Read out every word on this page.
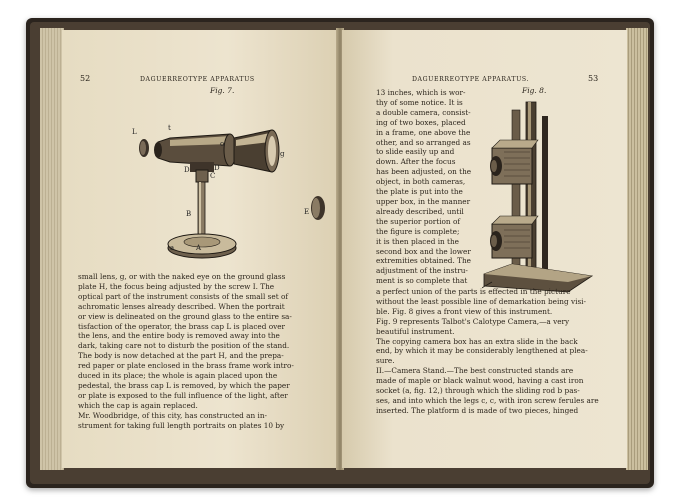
52	DAGUERREOTYPE APPARATUS
Fig. 7.
L	t
o
g
D
C
D
B	E
A
a

small lens, g, or with the naked eye on the ground glass

plate H, the focus being adjusted by the screw I. The

optical part of the instrument consists of the small set of

achromatic lenses already described. When the portrait

or view is delineated on the ground glass to the entire sa-

tisfaction of the operator, the brass cap L is placed over

the lens, and the entire body is removed away into the

dark, taking care not to disturb the position of the stand.

The body is now detached at the part H, and the prepa-

red paper or plate enclosed in the brass frame work intro-

duced in its place; the whole is again placed upon the

pedestal, the brass cap L is removed, by which the paper

or plate is exposed to the full influence of the light, after

which the cap is again replaced.

Mr. Woodbridge, of this city, has constructed an in-

strument for taking full length portraits on plates 10 by

DAGUERREOTYPE APPARATUS.	53
Fig. 8.

13 inches, which is wor-

thy of some notice. It is

a double camera, consist-

ing of two boxes, placed

in a frame, one above the

other, and so arranged as

to slide easily up and

down. After the focus

has been adjusted, on the

object, in both cameras,

the plate is put into the

upper box, in the manner

already described, until

the superior portion of

the figure is complete;

it is then placed in the

second box and the lower

extremities obtained. The

adjustment of the instru-

ment is so complete that

a perfect union of the parts is effected in the picture

without the least possible line of demarkation being visi-

ble. Fig. 8 gives a front view of this instrument.

Fig. 9 represents Talbot's Calotype Camera,—a very

beautiful instrument.

The copying camera box has an extra slide in the back

end, by which it may be considerably lengthened at plea-

sure.

II.—Camera Stand.—The best constructed stands are

made of maple or black walnut wood, having a cast iron

socket (a, fig. 12,) through which the sliding rod b pas-

ses, and into which the legs c, c, with iron screw ferules are

inserted. The platform d is made of two pieces, hinged
